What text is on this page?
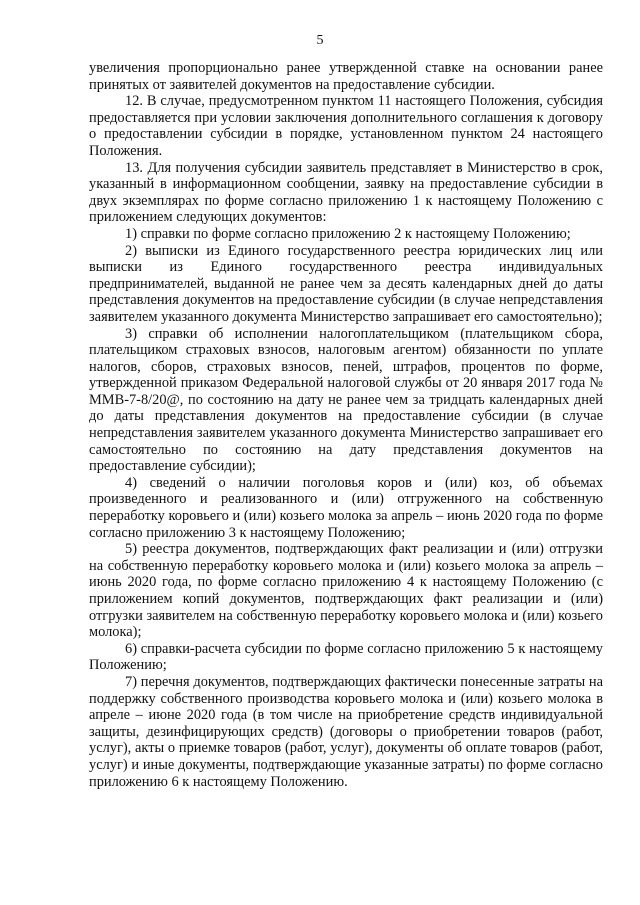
5

увеличения пропорционально ранее утвержденной ставке на основании ранее принятых от заявителей документов на предоставление субсидии.

12. В случае, предусмотренном пунктом 11 настоящего Положения, субсидия предоставляется при условии заключения дополнительного соглашения к договору о предоставлении субсидии в порядке, установленном пунктом 24 настоящего Положения.

13. Для получения субсидии заявитель представляет в Министерство в срок, указанный в информационном сообщении, заявку на предоставление субсидии в двух экземплярах по форме согласно приложению 1 к настоящему Положению с приложением следующих документов:

1) справки по форме согласно приложению 2 к настоящему Положению;

2) выписки из Единого государственного реестра юридических лиц или выписки из Единого государственного реестра индивидуальных предпринимателей, выданной не ранее чем за десять календарных дней до даты представления документов на предоставление субсидии (в случае непредставления заявителем указанного документа Министерство запрашивает его самостоятельно);

3) справки об исполнении налогоплательщиком (плательщиком сбора, плательщиком страховых взносов, налоговым агентом) обязанности по уплате налогов, сборов, страховых взносов, пеней, штрафов, процентов по форме, утвержденной приказом Федеральной налоговой службы от 20 января 2017 года № ММВ-7-8/20@, по состоянию на дату не ранее чем за тридцать календарных дней до даты представления документов на предоставление субсидии (в случае непредставления заявителем указанного документа Министерство запрашивает его самостоятельно по состоянию на дату представления документов на предоставление субсидии);

4) сведений о наличии поголовья коров и (или) коз, об объемах произведенного и реализованного и (или) отгруженного на собственную переработку коровьего и (или) козьего молока за апрель – июнь 2020 года по форме согласно приложению 3 к настоящему Положению;

5) реестра документов, подтверждающих факт реализации и (или) отгрузки на собственную переработку коровьего молока и (или) козьего молока за апрель – июнь 2020 года, по форме согласно приложению 4 к настоящему Положению (с приложением копий документов, подтверждающих факт реализации и (или) отгрузки заявителем на собственную переработку коровьего молока и (или) козьего молока);

6) справки-расчета субсидии по форме согласно приложению 5 к настоящему Положению;

7) перечня документов, подтверждающих фактически понесенные затраты на поддержку собственного производства коровьего молока и (или) козьего молока в апреле – июне 2020 года (в том числе на приобретение средств индивидуальной защиты, дезинфицирующих средств) (договоры о приобретении товаров (работ, услуг), акты о приемке товаров (работ, услуг), документы об оплате товаров (работ, услуг) и иные документы, подтверждающие указанные затраты) по форме согласно приложению 6 к настоящему Положению.
